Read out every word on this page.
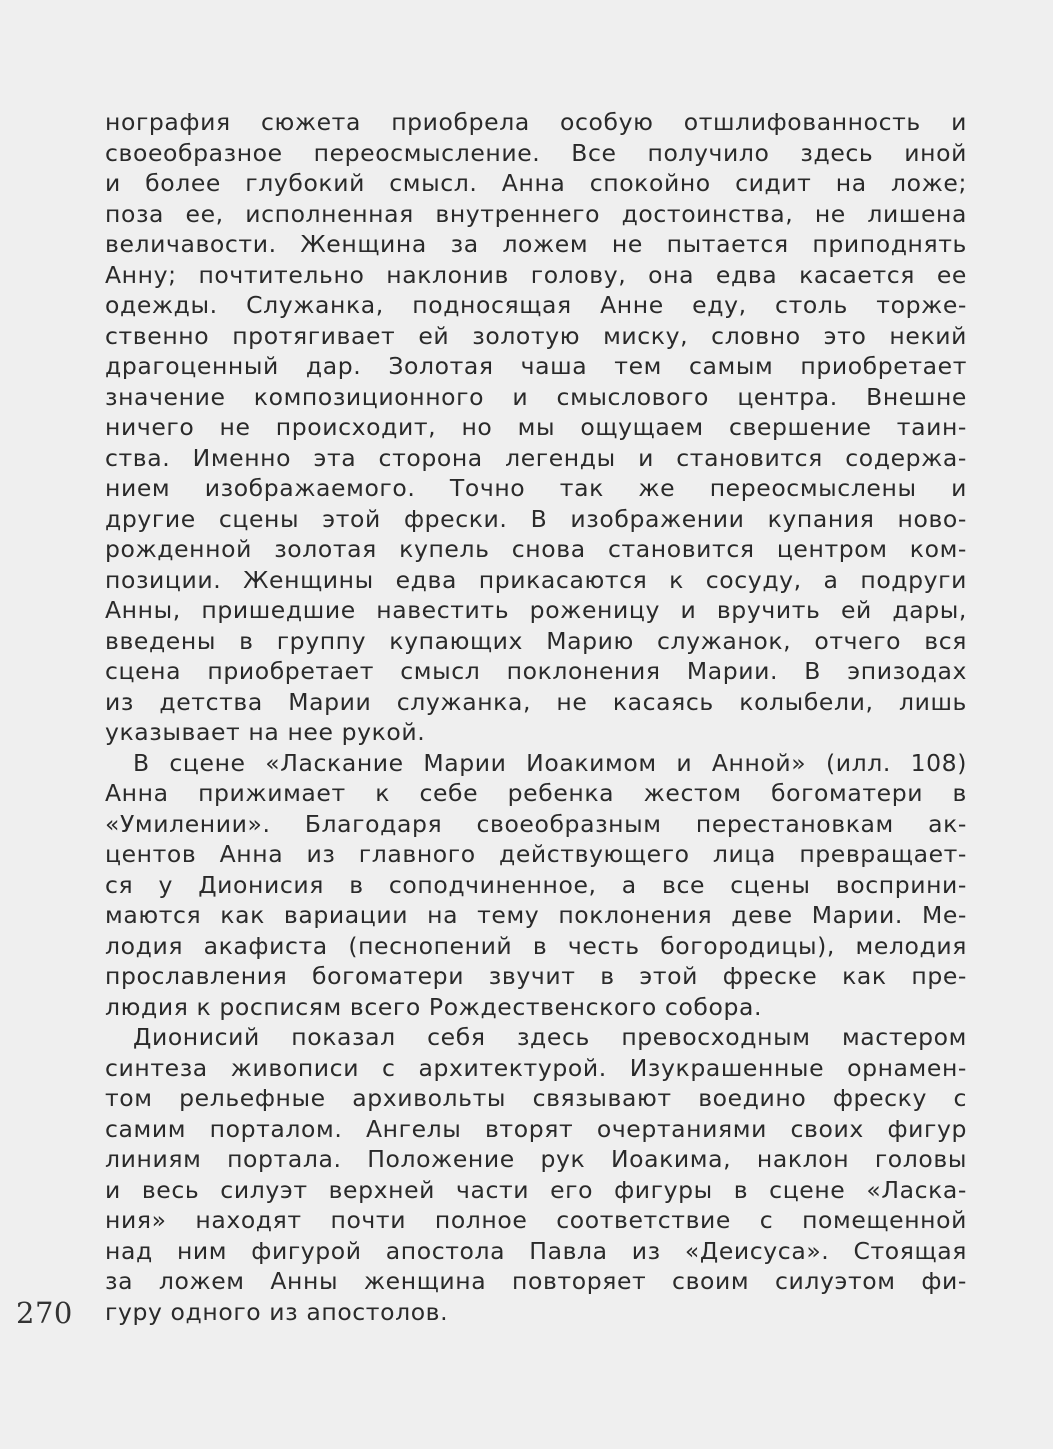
нография сюжета приобрела особую отшлифованность и
своеобразное переосмысление. Все получило здесь иной
и более глубокий смысл. Анна спокойно сидит на ложе;
поза ее, исполненная внутреннего достоинства, не лишена
величавости. Женщина за ложем не пытается приподнять
Анну; почтительно наклонив голову, она едва касается ее
одежды. Служанка, подносящая Анне еду, столь торже-
ственно протягивает ей золотую миску, словно это некий
драгоценный дар. Золотая чаша тем самым приобретает
значение композиционного и смыслового центра. Внешне
ничего не происходит, но мы ощущаем свершение таин-
ства. Именно эта сторона легенды и становится содержа-
нием изображаемого. Точно так же переосмыслены и
другие сцены этой фрески. В изображении купания ново-
рожденной золотая купель снова становится центром ком-
позиции. Женщины едва прикасаются к сосуду, а подруги
Анны, пришедшие навестить роженицу и вручить ей дары,
введены в группу купающих Марию служанок, отчего вся
сцена приобретает смысл поклонения Марии. В эпизодах
из детства Марии служанка, не касаясь колыбели, лишь
указывает на нее рукой.
В сцене «Ласкание Марии Иоакимом и Анной» (илл. 108)
Анна прижимает к себе ребенка жестом богоматери в
«Умилении». Благодаря своеобразным перестановкам ак-
центов Анна из главного действующего лица превращает-
ся у Дионисия в соподчиненное, а все сцены восприни-
маются как вариации на тему поклонения деве Марии. Ме-
лодия акафиста (песнопений в честь богородицы), мелодия
прославления богоматери звучит в этой фреске как пре-
людия к росписям всего Рождественского собора.
Дионисий показал себя здесь превосходным мастером
синтеза живописи с архитектурой. Изукрашенные орнамен-
том рельефные архивольты связывают воедино фреску с
самим порталом. Ангелы вторят очертаниями своих фигур
линиям портала. Положение рук Иоакима, наклон головы
и весь силуэт верхней части его фигуры в сцене «Ласка-
ния» находят почти полное соответствие с помещенной
над ним фигурой апостола Павла из «Деисуса». Стоящая
за ложем Анны женщина повторяет своим силуэтом фи-
гуру одного из апостолов.
270
